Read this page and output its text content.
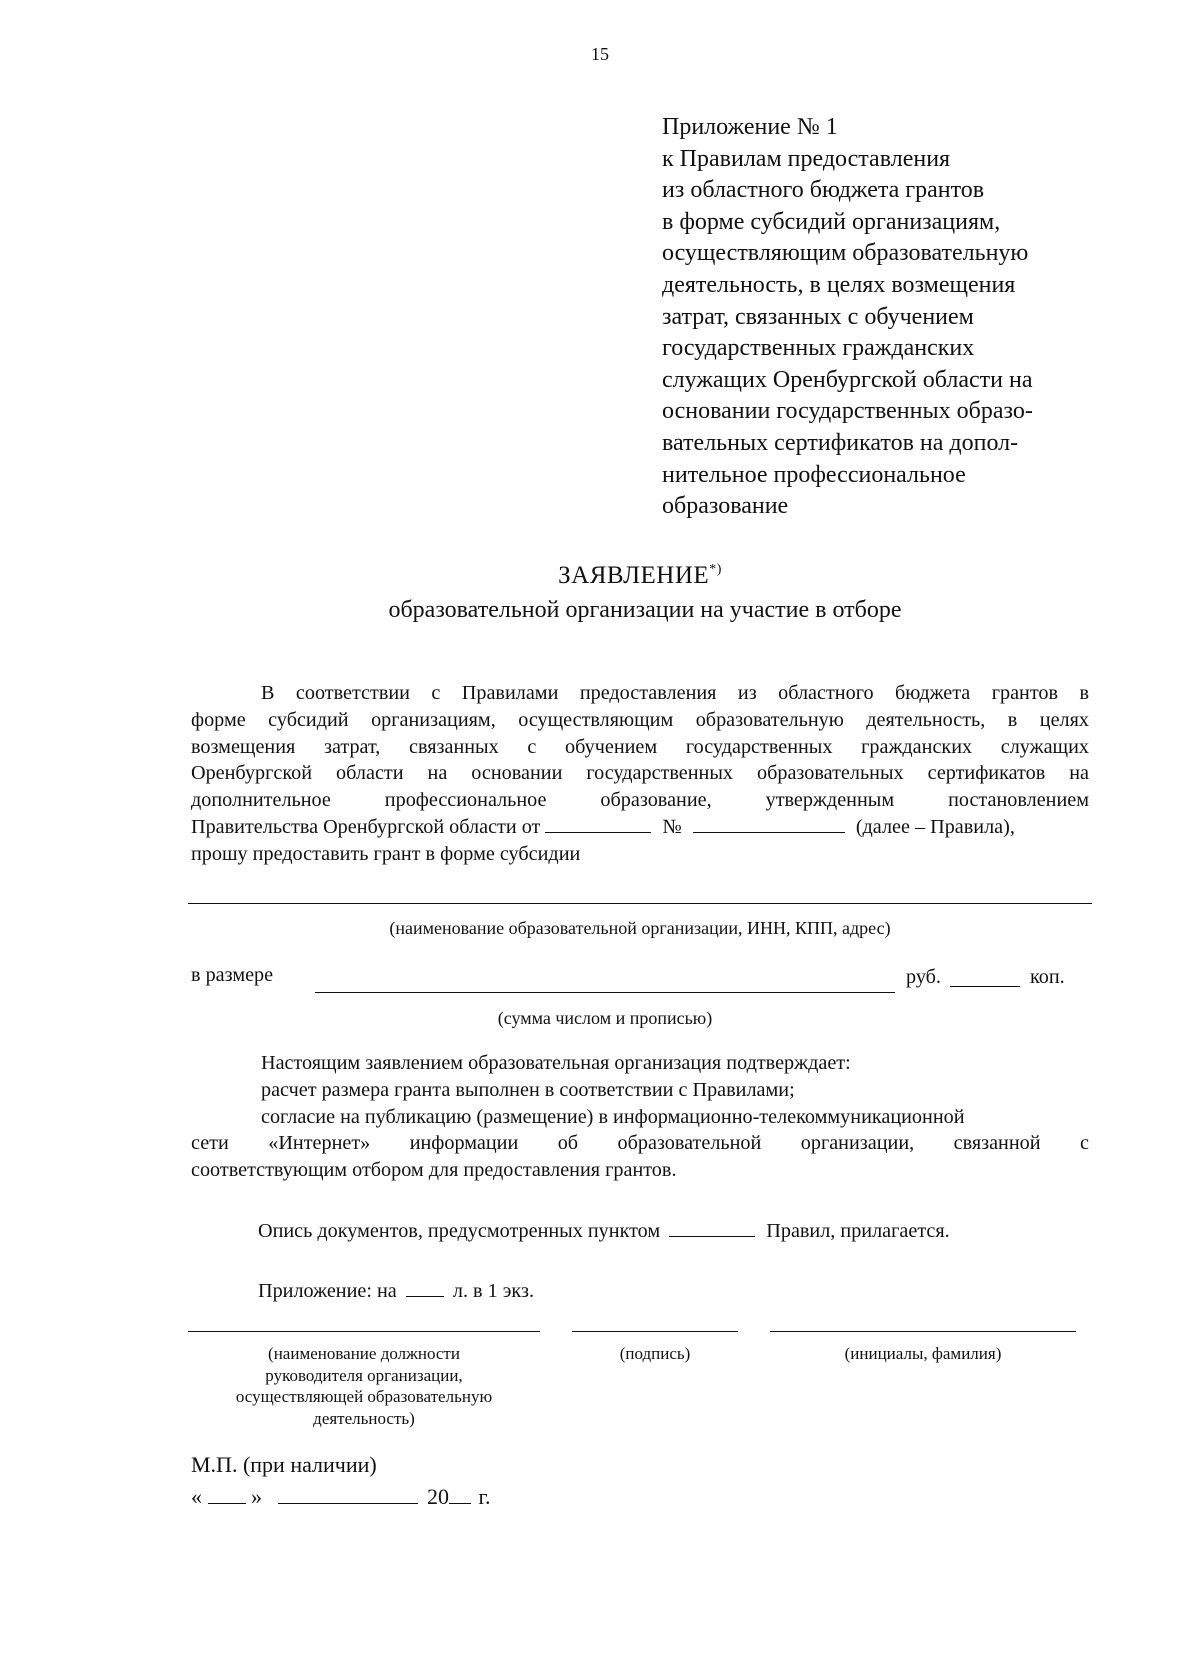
15
Приложение № 1
к Правилам предоставления
из областного бюджета грантов
в форме субсидий организациям,
осуществляющим образовательную
деятельность, в целях возмещения
затрат, связанных с обучением
государственных гражданских
служащих Оренбургской области на
основании государственных образо-
вательных сертификатов на допол-
нительное профессиональное
образование
ЗАЯВЛЕНИЕ*)
образовательной организации на участие в отборе
В соответствии с Правилами предоставления из областного бюджета грантов в
форме субсидий организациям, осуществляющим образовательную деятельность, в целях
возмещения затрат, связанных с обучением государственных гражданских служащих
Оренбургской области на основании государственных образовательных сертификатов на
дополнительное профессиональное образование, утвержденным постановлением
Правительства Оренбургской области от	№	(далее – Правила),
прошу предоставить грант в форме субсидии
(наименование образовательной организации, ИНН, КПП, адрес)
в размере	руб.	коп.
(сумма числом и прописью)
Настоящим заявлением образовательная организация подтверждает:
расчет размера гранта выполнен в соответствии с Правилами;
согласие на публикацию (размещение) в информационно-телекоммуникационной
сети «Интернет» информации об образовательной организации, связанной с
соответствующим отбором для предоставления грантов.
Опись документов, предусмотренных пунктом	Правил, прилагается.
Приложение: на	л. в 1 экз.
(наименование должности
руководителя организации,
осуществляющей образовательную
деятельность)
(подпись)	(инициалы, фамилия)
М.П. (при наличии)
« »	20 г.
